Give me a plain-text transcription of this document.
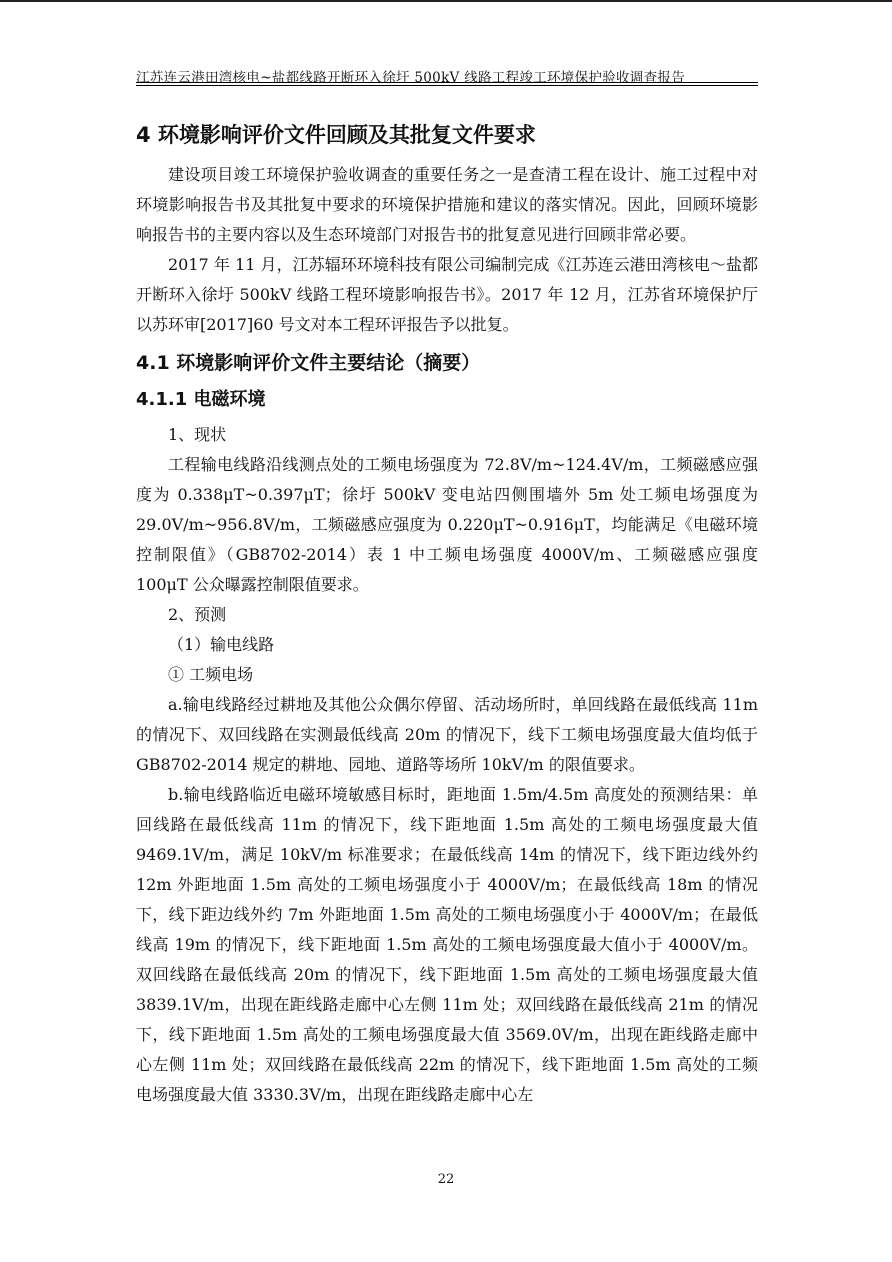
江苏连云港田湾核电~盐都线路开断环入徐圩 500kV 线路工程竣工环境保护验收调查报告
4 环境影响评价文件回顾及其批复文件要求

建设项目竣工环境保护验收调查的重要任务之一是查清工程在设计、施工过程中对环境影响报告书及其批复中要求的环境保护措施和建议的落实情况。因此，回顾环境影响报告书的主要内容以及生态环境部门对报告书的批复意见进行回顾非常必要。

2017 年 11 月，江苏辐环环境科技有限公司编制完成《江苏连云港田湾核电～盐都开断环入徐圩 500kV 线路工程环境影响报告书》。2017 年 12 月，江苏省环境保护厅以苏环审[2017]60 号文对本工程环评报告予以批复。

4.1 环境影响评价文件主要结论（摘要）
4.1.1 电磁环境

1、现状

工程输电线路沿线测点处的工频电场强度为 72.8V/m~124.4V/m，工频磁感应强度为 0.338μT~0.397μT；徐圩 500kV 变电站四侧围墙外 5m 处工频电场强度为 29.0V/m~956.8V/m，工频磁感应强度为 0.220μT~0.916μT，均能满足《电磁环境控制限值》（GB8702-2014）表 1 中工频电场强度 4000V/m、工频磁感应强度 100μT 公众曝露控制限值要求。

2、预测

（1）输电线路

① 工频电场

a.输电线路经过耕地及其他公众偶尔停留、活动场所时，单回线路在最低线高 11m 的情况下、双回线路在实测最低线高 20m 的情况下，线下工频电场强度最大值均低于 GB8702-2014 规定的耕地、园地、道路等场所 10kV/m 的限值要求。

b.输电线路临近电磁环境敏感目标时，距地面 1.5m/4.5m 高度处的预测结果：单回线路在最低线高 11m 的情况下，线下距地面 1.5m 高处的工频电场强度最大值 9469.1V/m，满足 10kV/m 标准要求；在最低线高 14m 的情况下，线下距边线外约 12m 外距地面 1.5m 高处的工频电场强度小于 4000V/m；在最低线高 18m 的情况下，线下距边线外约 7m 外距地面 1.5m 高处的工频电场强度小于 4000V/m；在最低线高 19m 的情况下，线下距地面 1.5m 高处的工频电场强度最大值小于 4000V/m。双回线路在最低线高 20m 的情况下，线下距地面 1.5m 高处的工频电场强度最大值 3839.1V/m，出现在距线路走廊中心左侧 11m 处；双回线路在最低线高 21m 的情况下，线下距地面 1.5m 高处的工频电场强度最大值 3569.0V/m，出现在距线路走廊中心左侧 11m 处；双回线路在最低线高 22m 的情况下，线下距地面 1.5m 高处的工频电场强度最大值 3330.3V/m，出现在距线路走廊中心左

22
